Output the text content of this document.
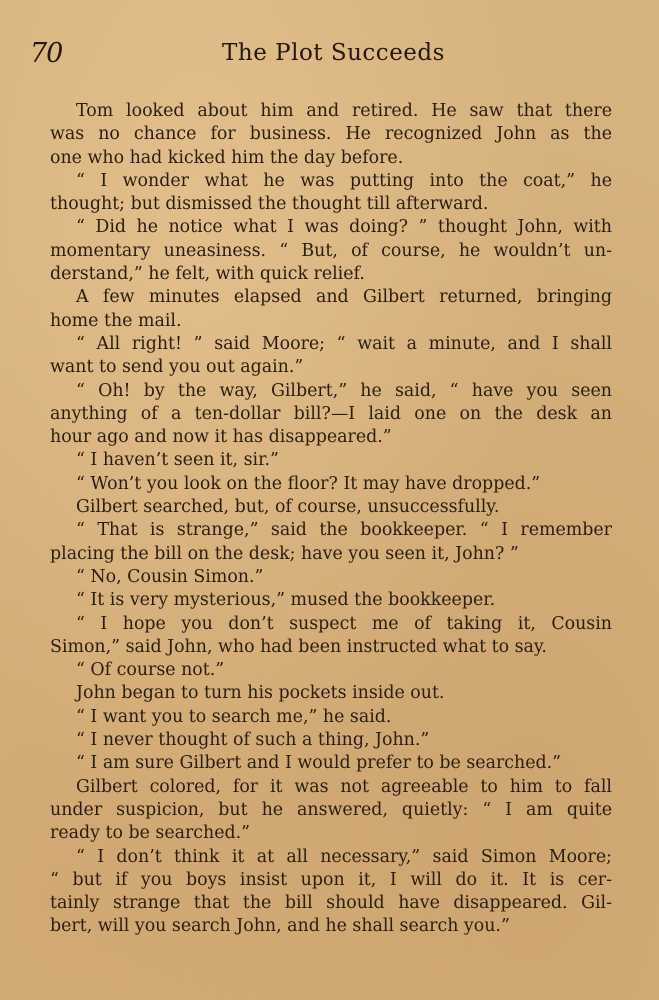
70	The Plot Succeeds
Tom looked about him and retired. He saw that there
was no chance for business. He recognized John as the
one who had kicked him the day before.
“ I wonder what he was putting into the coat,” he
thought; but dismissed the thought till afterward.
“ Did he notice what I was doing? ” thought John, with
momentary uneasiness. “ But, of course, he wouldn’t un-
derstand,” he felt, with quick relief.
A few minutes elapsed and Gilbert returned, bringing
home the mail.
“ All right! ” said Moore; “ wait a minute, and I shall
want to send you out again.”
“ Oh! by the way, Gilbert,” he said, “ have you seen
anything of a ten-dollar bill?—I laid one on the desk an
hour ago and now it has disappeared.”
“ I haven’t seen it, sir.”
“ Won’t you look on the floor? It may have dropped.”
Gilbert searched, but, of course, unsuccessfully.
“ That is strange,” said the bookkeeper. “ I remember
placing the bill on the desk; have you seen it, John? ”
“ No, Cousin Simon.”
“ It is very mysterious,” mused the bookkeeper.
“ I hope you don’t suspect me of taking it, Cousin
Simon,” said John, who had been instructed what to say.
“ Of course not.”
John began to turn his pockets inside out.
“ I want you to search me,” he said.
“ I never thought of such a thing, John.”
“ I am sure Gilbert and I would prefer to be searched.”
Gilbert colored, for it was not agreeable to him to fall
under suspicion, but he answered, quietly: “ I am quite
ready to be searched.”
“ I don’t think it at all necessary,” said Simon Moore;
“ but if you boys insist upon it, I will do it. It is cer-
tainly strange that the bill should have disappeared. Gil-
bert, will you search John, and he shall search you.”
